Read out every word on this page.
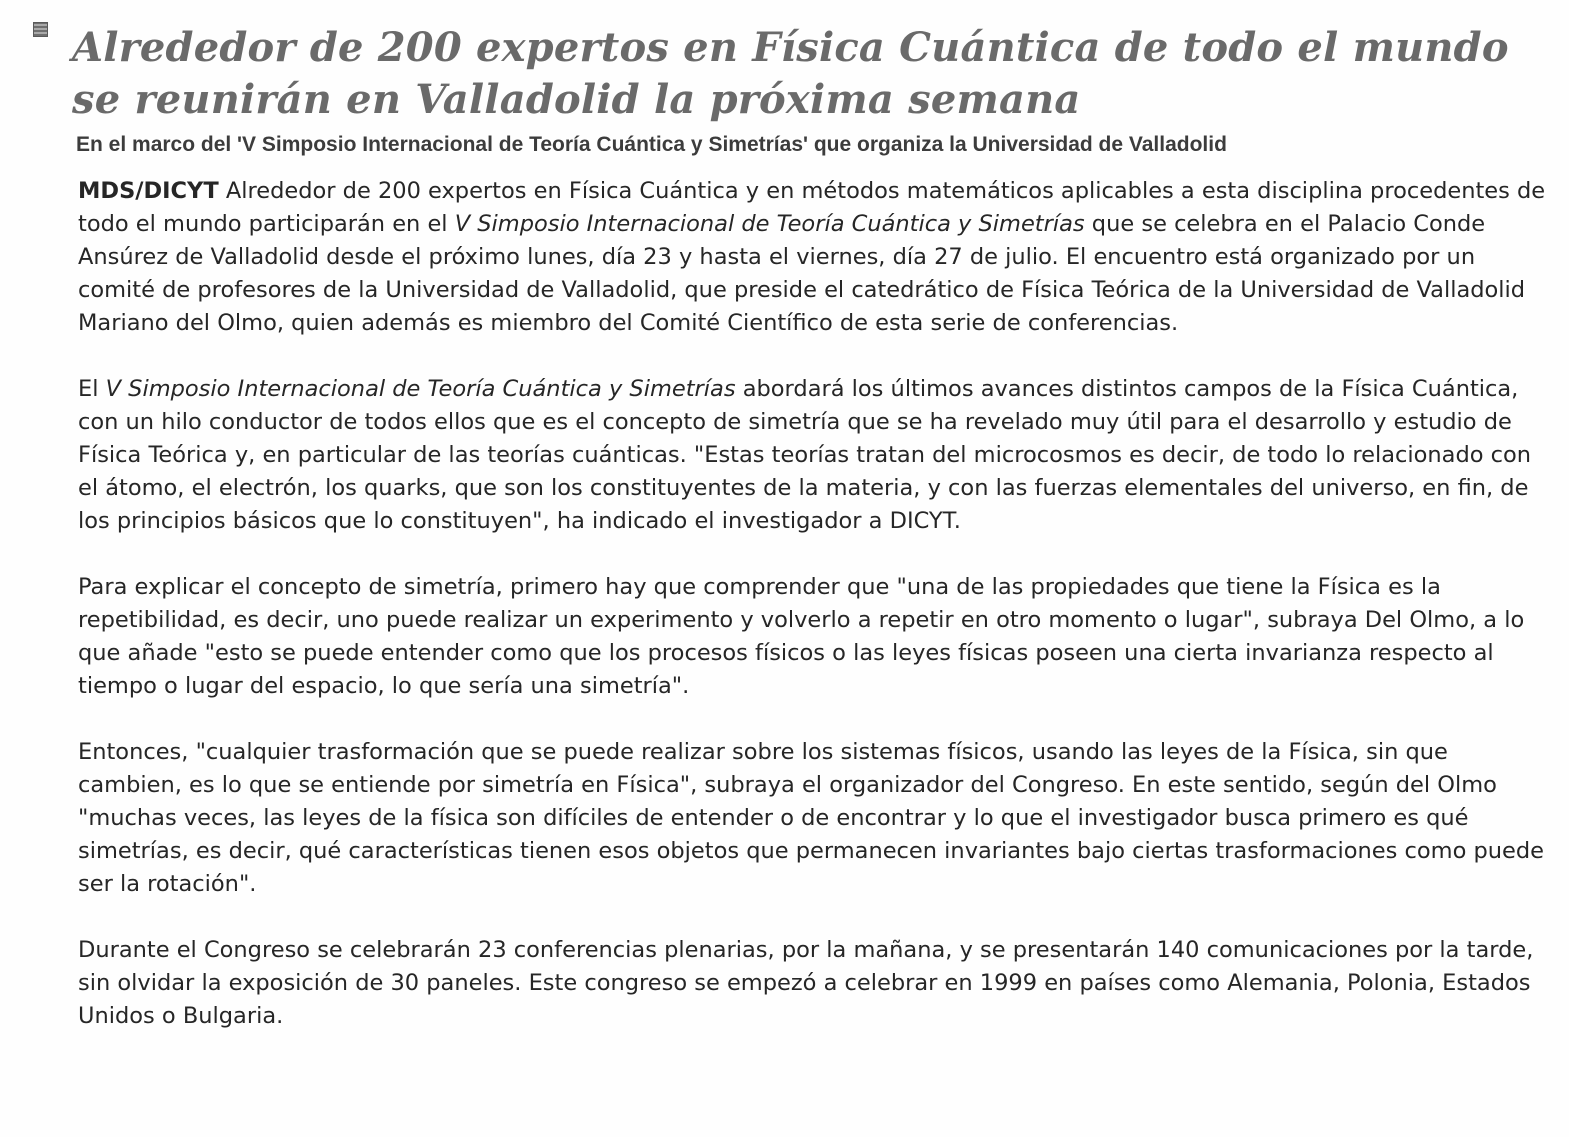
Alrededor de 200 expertos en Física Cuántica de todo el mundo se reunirán en Valladolid la próxima semana
En el marco del 'V Simposio Internacional de Teoría Cuántica y Simetrías' que organiza la Universidad de Valladolid

MDS/DICYT Alrededor de 200 expertos en Física Cuántica y en métodos matemáticos aplicables a esta disciplina procedentes de todo el mundo participarán en el V Simposio Internacional de Teoría Cuántica y Simetrías que se celebra en el Palacio Conde Ansúrez de Valladolid desde el próximo lunes, día 23 y hasta el viernes, día 27 de julio. El encuentro está organizado por un comité de profesores de la Universidad de Valladolid, que preside el catedrático de Física Teórica de la Universidad de Valladolid Mariano del Olmo, quien además es miembro del Comité Científico de esta serie de conferencias.

El V Simposio Internacional de Teoría Cuántica y Simetrías abordará los últimos avances distintos campos de la Física Cuántica, con un hilo conductor de todos ellos que es el concepto de simetría que se ha revelado muy útil para el desarrollo y estudio de Física Teórica y, en particular de las teorías cuánticas. "Estas teorías tratan del microcosmos es decir, de todo lo relacionado con el átomo, el electrón, los quarks, que son los constituyentes de la materia, y con las fuerzas elementales del universo, en fin, de los principios básicos que lo constituyen", ha indicado el investigador a DICYT.

Para explicar el concepto de simetría, primero hay que comprender que "una de las propiedades que tiene la Física es la repetibilidad, es decir, uno puede realizar un experimento y volverlo a repetir en otro momento o lugar", subraya Del Olmo, a lo que añade "esto se puede entender como que los procesos físicos o las leyes físicas poseen una cierta invarianza respecto al tiempo o lugar del espacio, lo que sería una simetría".

Entonces, "cualquier trasformación que se puede realizar sobre los sistemas físicos, usando las leyes de la Física, sin que cambien, es lo que se entiende por simetría en Física", subraya el organizador del Congreso. En este sentido, según del Olmo "muchas veces, las leyes de la física son difíciles de entender o de encontrar y lo que el investigador busca primero es qué simetrías, es decir, qué características tienen esos objetos que permanecen invariantes bajo ciertas trasformaciones como puede ser la rotación".

Durante el Congreso se celebrarán 23 conferencias plenarias, por la mañana, y se presentarán 140 comunicaciones por la tarde, sin olvidar la exposición de 30 paneles. Este congreso se empezó a celebrar en 1999 en países como Alemania, Polonia, Estados Unidos o Bulgaria.
